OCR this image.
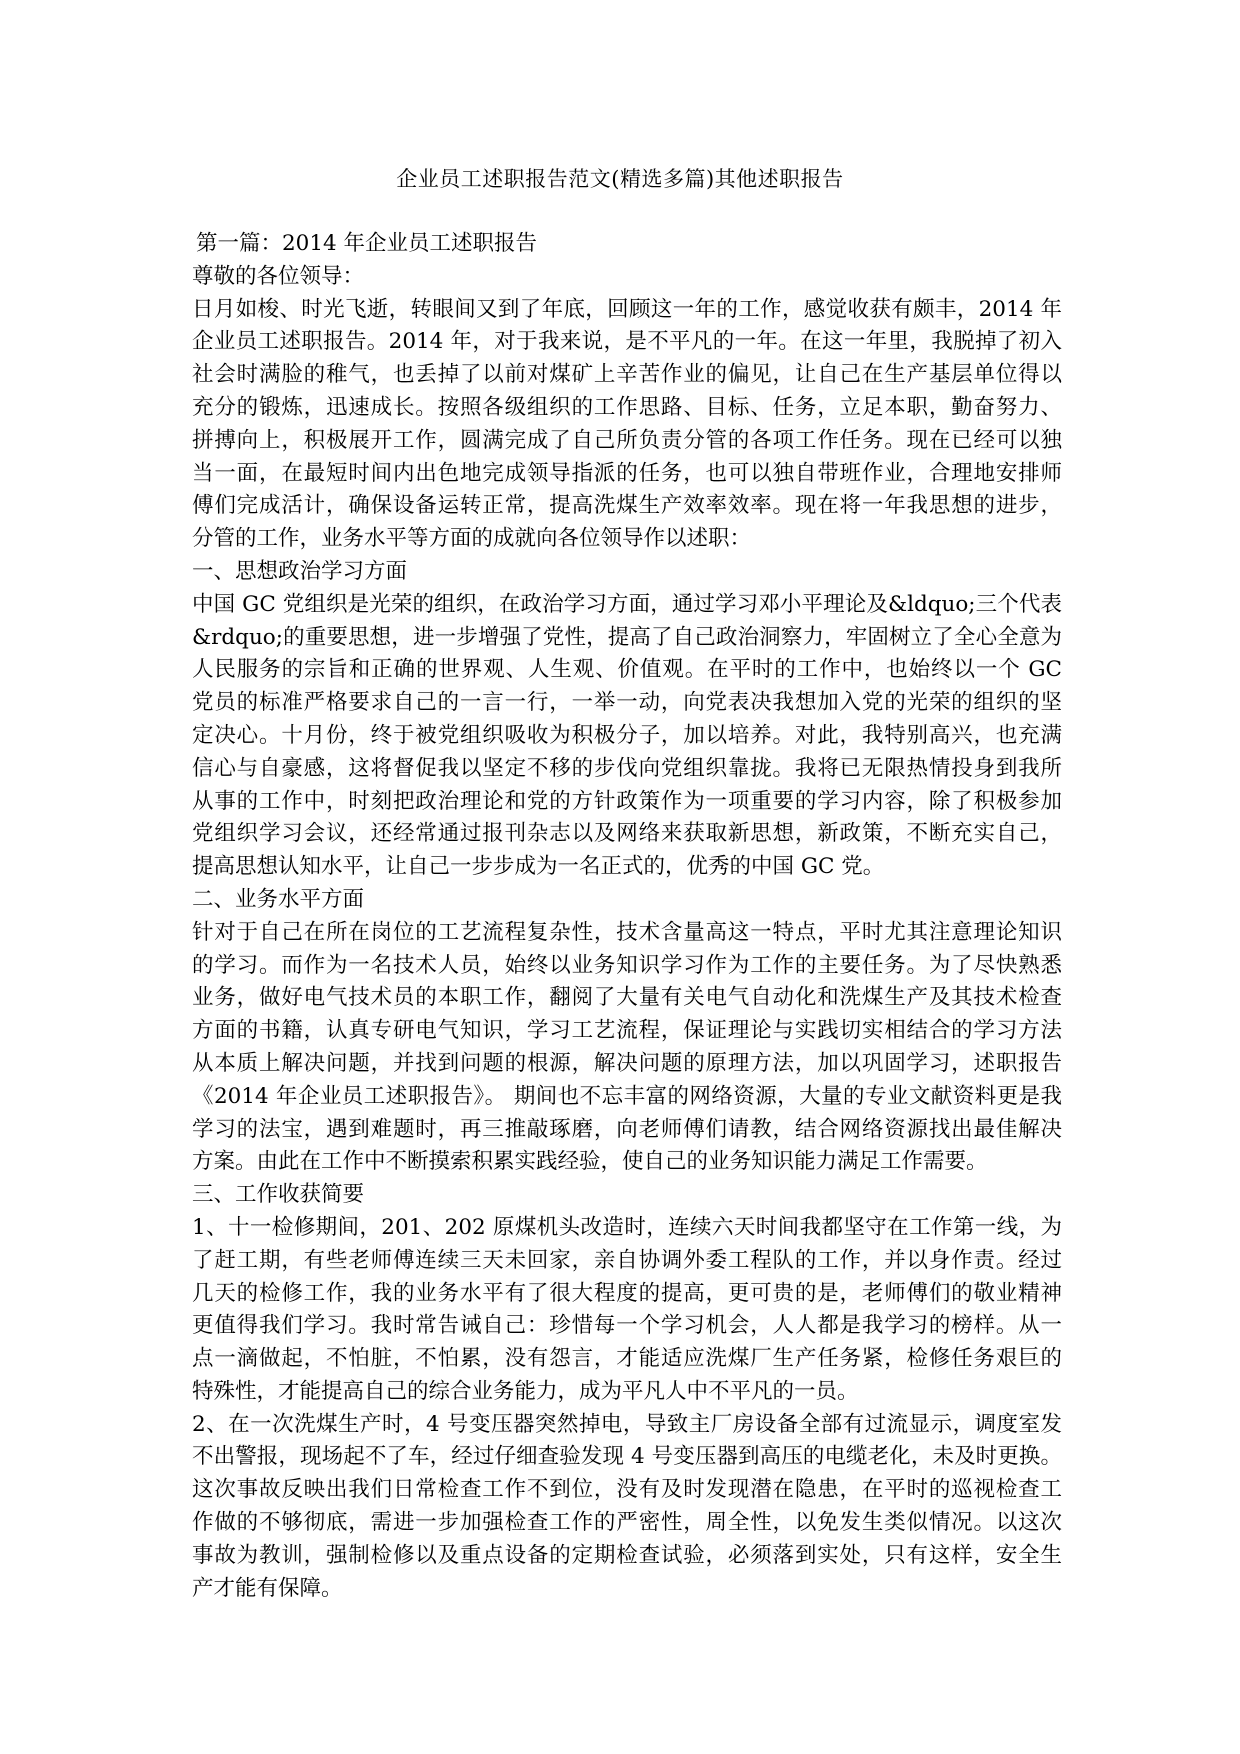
企业员工述职报告范文(精选多篇)其他述职报告
第一篇：2014 年企业员工述职报告
尊敬的各位领导：
日月如梭、时光飞逝，转眼间又到了年底，回顾这一年的工作，感觉收获有颇丰，2014 年
企业员工述职报告。2014 年，对于我来说，是不平凡的一年。在这一年里，我脱掉了初入
社会时满脸的稚气，也丢掉了以前对煤矿上辛苦作业的偏见，让自己在生产基层单位得以
充分的锻炼，迅速成长。按照各级组织的工作思路、目标、任务，立足本职，勤奋努力、
拼搏向上，积极展开工作，圆满完成了自己所负责分管的各项工作任务。现在已经可以独
当一面，在最短时间内出色地完成领导指派的任务，也可以独自带班作业，合理地安排师
傅们完成活计，确保设备运转正常，提高洗煤生产效率效率。现在将一年我思想的进步，
分管的工作，业务水平等方面的成就向各位领导作以述职：
一、思想政治学习方面
中国 GC 党组织是光荣的组织，在政治学习方面，通过学习邓小平理论及&ldquo;三个代表
&rdquo;的重要思想，进一步增强了党性，提高了自己政治洞察力，牢固树立了全心全意为
人民服务的宗旨和正确的世界观、人生观、价值观。在平时的工作中，也始终以一个 GC
党员的标准严格要求自己的一言一行，一举一动，向党表决我想加入党的光荣的组织的坚
定决心。十月份，终于被党组织吸收为积极分子，加以培养。对此，我特别高兴，也充满
信心与自豪感，这将督促我以坚定不移的步伐向党组织靠拢。我将已无限热情投身到我所
从事的工作中，时刻把政治理论和党的方针政策作为一项重要的学习内容，除了积极参加
党组织学习会议，还经常通过报刊杂志以及网络来获取新思想，新政策，不断充实自己，
提高思想认知水平，让自己一步步成为一名正式的，优秀的中国 GC 党。
二、业务水平方面
针对于自己在所在岗位的工艺流程复杂性，技术含量高这一特点，平时尤其注意理论知识
的学习。而作为一名技术人员，始终以业务知识学习作为工作的主要任务。为了尽快熟悉
业务，做好电气技术员的本职工作，翻阅了大量有关电气自动化和洗煤生产及其技术检查
方面的书籍，认真专研电气知识，学习工艺流程，保证理论与实践切实相结合的学习方法
从本质上解决问题，并找到问题的根源，解决问题的原理方法，加以巩固学习，述职报告
《2014 年企业员工述职报告》。 期间也不忘丰富的网络资源，大量的专业文献资料更是我
学习的法宝，遇到难题时，再三推敲琢磨，向老师傅们请教，结合网络资源找出最佳解决
方案。由此在工作中不断摸索积累实践经验，使自己的业务知识能力满足工作需要。
三、工作收获简要
1、十一检修期间，201、202 原煤机头改造时，连续六天时间我都坚守在工作第一线，为
了赶工期，有些老师傅连续三天未回家，亲自协调外委工程队的工作，并以身作责。经过
几天的检修工作，我的业务水平有了很大程度的提高，更可贵的是，老师傅们的敬业精神
更值得我们学习。我时常告诫自己：珍惜每一个学习机会，人人都是我学习的榜样。从一
点一滴做起，不怕脏，不怕累，没有怨言，才能适应洗煤厂生产任务紧，检修任务艰巨的
特殊性，才能提高自己的综合业务能力，成为平凡人中不平凡的一员。
2、在一次洗煤生产时，4 号变压器突然掉电，导致主厂房设备全部有过流显示，调度室发
不出警报，现场起不了车，经过仔细查验发现 4 号变压器到高压的电缆老化，未及时更换。
这次事故反映出我们日常检查工作不到位，没有及时发现潜在隐患，在平时的巡视检查工
作做的不够彻底，需进一步加强检查工作的严密性，周全性，以免发生类似情况。以这次
事故为教训，强制检修以及重点设备的定期检查试验，必须落到实处，只有这样，安全生
产才能有保障。
